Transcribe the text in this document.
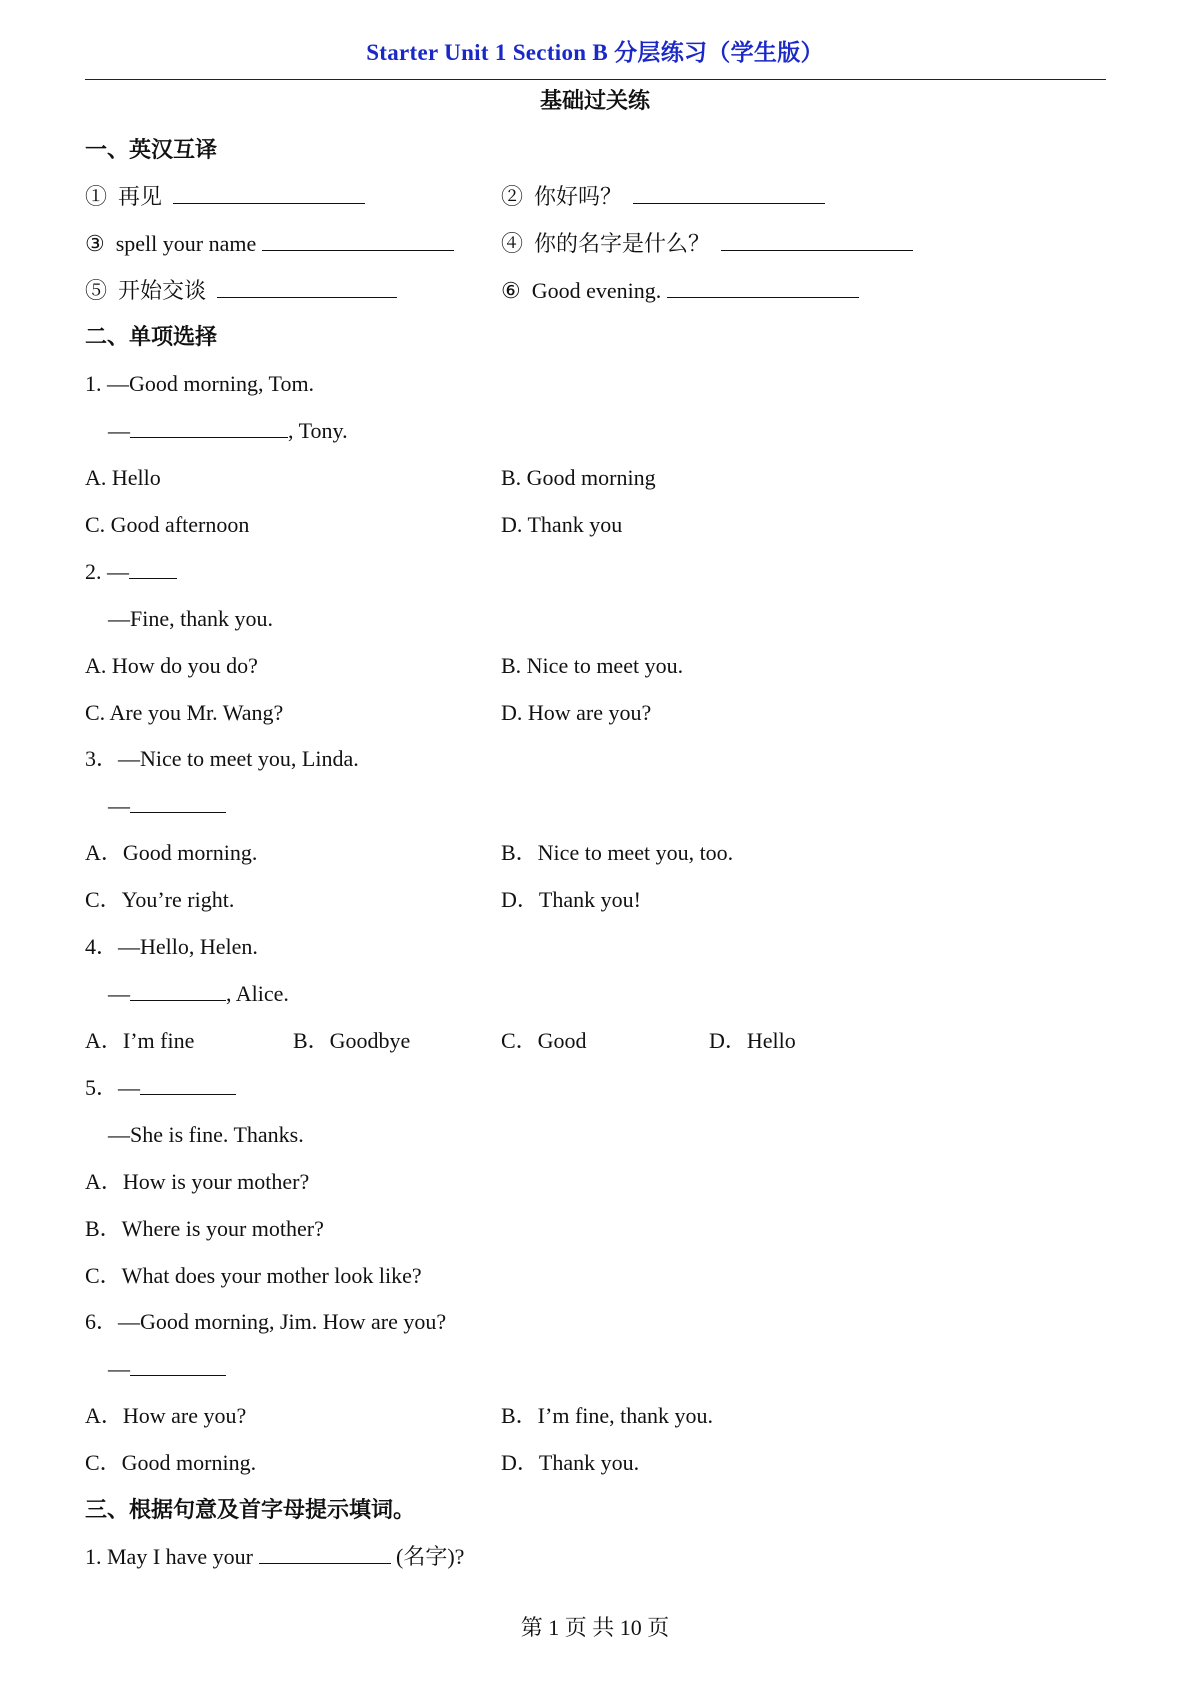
Starter Unit 1 Section B 分层练习（学生版）
基础过关练
一、英汉互译
① 再见	② 你好吗？
③ spell your name	④ 你的名字是什么？
⑤ 开始交谈	⑥ Good evening.
二、单项选择
1. —Good morning, Tom.
—	, Tony.
A. Hello	B. Good morning
C. Good afternoon	D. Thank you
2. —
—Fine, thank you.
A. How do you do?	B. Nice to meet you.
C. Are you Mr. Wang?	D. How are you?
3．—Nice to meet you, Linda.
—
A．Good morning.	B．Nice to meet you, too.
C．You’re right.	D．Thank you!
4．—Hello, Helen.
—	, Alice.
A．I’m fine	B．Goodbye	C．Good	D．Hello
5．—
—She is fine. Thanks.
A．How is your mother?
B．Where is your mother?
C．What does your mother look like?
6．—Good morning, Jim. How are you?
—
A．How are you?	B．I’m fine, thank you.
C．Good morning.	D．Thank you.
三、根据句意及首字母提示填词。
1. May I have your	(名字)?
第 1 页 共 10 页
